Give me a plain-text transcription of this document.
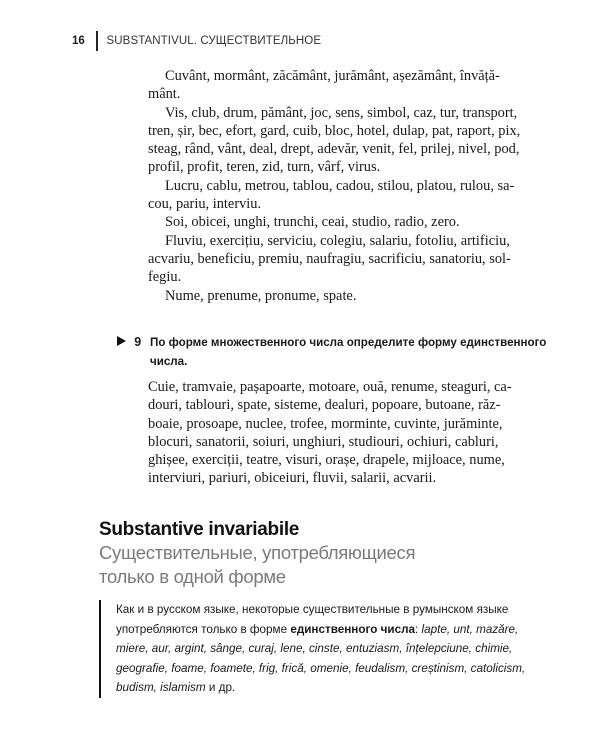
16	SUBSTANTIVUL. СУЩЕСТВИТЕЛЬНОЕ
Cuvânt, mormânt, zăcământ, jurământ, așezământ, învăță-
mânt.
Vis, club, drum, pământ, joc, sens, simbol, caz, tur, transport,
tren, șir, bec, efort, gard, cuib, bloc, hotel, dulap, pat, raport, pix,
steag, rând, vânt, deal, drept, adevăr, venit, fel, prilej, nivel, pod,
profil, profit, teren, zid, turn, vârf, virus.
Lucru, cablu, metrou, tablou, cadou, stilou, platou, rulou, sa-
cou, pariu, interviu.
Soi, obicei, unghi, trunchi, ceai, studio, radio, zero.
Fluviu, exercițiu, serviciu, colegiu, salariu, fotoliu, artificiu,
acvariu, beneficiu, premiu, naufragiu, sacrificiu, sanatoriu, sol-
fegiu.
Nume, prenume, pronume, spate.
9 По форме множественного числа определите форму единственного
числа.
Cuie, tramvaie, pașapoarte, motoare, ouă, renume, steaguri, ca-
douri, tablouri, spate, sisteme, dealuri, popoare, butoane, răz-
boaie, prosoape, nuclee, trofee, morminte, cuvinte, jurăminte,
blocuri, sanatorii, soiuri, unghiuri, studiouri, ochiuri, cabluri,
ghișee, exerciții, teatre, visuri, orașe, drapele, mijloace, nume,
interviuri, pariuri, obiceiuri, fluvii, salarii, acvarii.
Substantive invariabile
Существительные, употребляющиеся
только в одной форме
Как и в русском языке, некоторые существительные в румынском языке
употребляются только в форме единственного числа: lapte, unt, mazăre,
miere, aur, argint, sânge, curaj, lene, cinste, entuziasm, înțelepciune, chimie,
geografie, foame, foamete, frig, frică, omenie, feudalism, creștinism, catolicism,
budism, islamism и др.
